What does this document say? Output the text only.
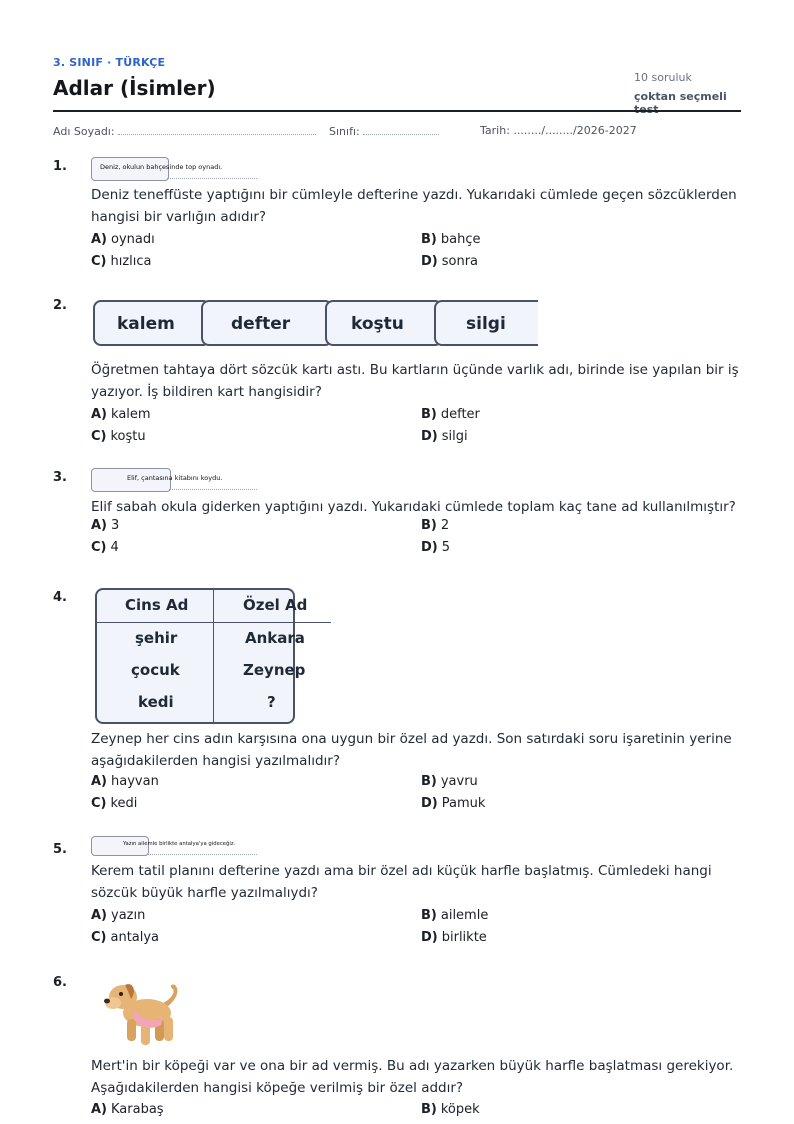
3. SINIF · TÜRKÇE
Adlar (İsimler)	10 soruluk
çoktan seçmeli
Adı Soyadı:	Sınıfı:	Tarih: ......../......../2026-2027
1.	Deniz, okulun bahçesinde top oynadı.
Deniz teneffüste yaptığını bir cümleyle defterine yazdı. Yukarıdaki cümlede geçen sözcüklerden hangisi bir varlığın adıdır?
A) oynadı	B) bahçe
C) hızlıca	D) sonra
2.
kalem	defter	koştu	silgi
Öğretmen tahtaya dört sözcük kartı astı. Bu kartların üçünde varlık adı, birinde ise yapılan bir iş yazıyor. İş bildiren kart hangisidir?
A) kalem	B) defter
C) koştu	D) silgi
3.	Elif, çantasına kitabını koydu.
Elif sabah okula giderken yaptığını yazdı. Yukarıdaki cümlede toplam kaç tane ad kullanılmıştır?
A) 3	B) 2
C) 4	D) 5
4.	Cins Ad	Özel Ad
şehir	Ankara
çocuk	Zeynep
kedi	?
Zeynep her cins adın karşısına ona uygun bir özel ad yazdı. Son satırdaki soru işaretinin yerine aşağıdakilerden hangisi yazılmalıdır?
A) hayvan	B) yavru
C) kedi	D) Pamuk
5.	Yazın ailemle birlikte antalya'ya gideceğiz.
Kerem tatil planını defterine yazdı ama bir özel adı küçük harfle başlatmış. Cümledeki hangi sözcük büyük harfle yazılmalıydı?
A) yazın	B) ailemle
C) antalya	D) birlikte
6.
Mert'in bir köpeği var ve ona bir ad vermiş. Bu adı yazarken büyük harfle başlatması gerekiyor. Aşağıdakilerden hangisi köpeğe verilmiş bir özel addır?
A) Karabaş	B) köpek
